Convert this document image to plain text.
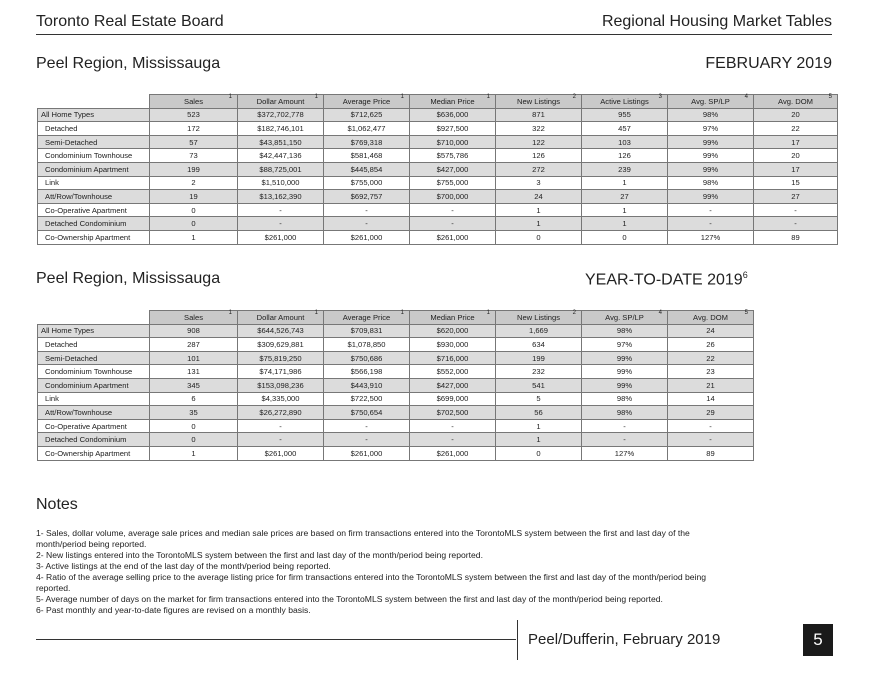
Toronto Real Estate Board	Regional Housing Market Tables
Peel Region, Mississauga	FEBRUARY 2019
	Sales 1	Dollar Amount 1	Average Price 1	Median Price 1	New Listings 2	Active Listings 3	Avg. SP/LP 4	Avg. DOM 5

All Home Types	523	$372,702,778	$712,625	$636,000	871	955	98%	20
Detached	172	$182,746,101	$1,062,477	$927,500	322	457	97%	22
Semi-Detached	57	$43,851,150	$769,318	$710,000	122	103	99%	17
Condominium Townhouse	73	$42,447,136	$581,468	$575,786	126	126	99%	20
Condominium Apartment	199	$88,725,001	$445,854	$427,000	272	239	99%	17
Link	2	$1,510,000	$755,000	$755,000	3	1	98%	15
Att/Row/Townhouse	19	$13,162,390	$692,757	$700,000	24	27	99%	27
Co-Operative Apartment	0	-	-	-	1	1	-	-
Detached Condominium	0	-	-	-	1	1	-	-
Co-Ownership Apartment	1	$261,000	$261,000	$261,000	0	0	127%	89
Peel Region, Mississauga	YEAR-TO-DATE 2019$^6$
	Sales 1	Dollar Amount 1	Average Price 1	Median Price 1	New Listings 2	Avg. SP/LP 4	Avg. DOM 5

All Home Types	908	$644,526,743	$709,831	$620,000	1,669	98%	24
Detached	287	$309,629,881	$1,078,850	$930,000	634	97%	26
Semi-Detached	101	$75,819,250	$750,686	$716,000	199	99%	22
Condominium Townhouse	131	$74,171,986	$566,198	$552,000	232	99%	23
Condominium Apartment	345	$153,098,236	$443,910	$427,000	541	99%	21
Link	6	$4,335,000	$722,500	$699,000	5	98%	14
Att/Row/Townhouse	35	$26,272,890	$750,654	$702,500	56	98%	29
Co-Operative Apartment	0	-	-	-	1	-	-
Detached Condominium	0	-	-	-	1	-	-
Co-Ownership Apartment	1	$261,000	$261,000	$261,000	0	127%	89
Notes

1- Sales, dollar volume, average sale prices and median sale prices are based on firm transactions entered into the TorontoMLS system between the first and last day of the month/period being reported.

2- New listings entered into the TorontoMLS system between the first and last day of the month/period being reported.

3- Active listings at the end of the last day of the month/period being reported.

4- Ratio of the average selling price to the average listing price for firm transactions entered into the TorontoMLS system between the first and last day of the month/period being reported.

5- Average number of days on the market for firm transactions entered into the TorontoMLS system between the first and last day of the month/period being reported.

6- Past monthly and year-to-date figures are revised on a monthly basis.

Peel/Dufferin, February 2019	5
